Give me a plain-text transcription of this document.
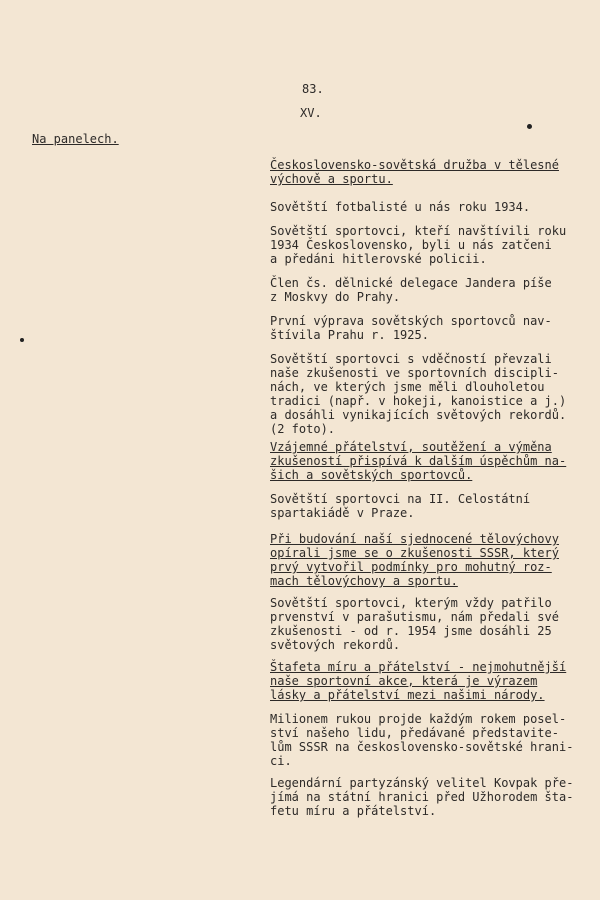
83.
XV.
Na panelech.

Československo-sovětská družba v tělesné
výchově a sportu.

Sovětští fotbalisté u nás roku 1934.

Sovětští sportovci, kteří navštívili roku
1934 Československo, byli u nás zatčeni
a předáni hitlerovské policii.

Člen čs. dělnické delegace Jandera píše
z Moskvy do Prahy.

První výprava sovětských sportovců nav-
štívila Prahu r. 1925.

Sovětští sportovci s vděčností převzali
naše zkušenosti ve sportovních discipli-
nách, ve kterých jsme měli dlouholetou
tradici (např. v hokeji, kanoistice a j.)
a dosáhli vynikajících světových rekordů.
(2 foto).

Vzájemné přátelství, soutěžení a výměna
zkušeností přispívá k dalším úspěchům na-
šich a sovětských sportovců.

Sovětští sportovci na II. Celostátní
spartakiádě v Praze.

Při budování naší sjednocené tělovýchovy
opírali jsme se o zkušenosti SSSR, který
prvý vytvořil podmínky pro mohutný roz-
mach tělovýchovy a sportu.

Sovětští sportovci, kterým vždy patřilo
prvenství v parašutismu, nám předali své
zkušenosti - od r. 1954 jsme dosáhli 25
světových rekordů.

Štafeta míru a přátelství - nejmohutnější
naše sportovní akce, která je výrazem
lásky a přátelství mezi našimi národy.

Milionem rukou projde každým rokem posel-
ství našeho lidu, předávané představite-
lům SSSR na československo-sovětské hrani-
ci.

Legendární partyzánský velitel Kovpak pře-
jímá na státní hranici před Užhorodem šta-
fetu míru a přátelství.
